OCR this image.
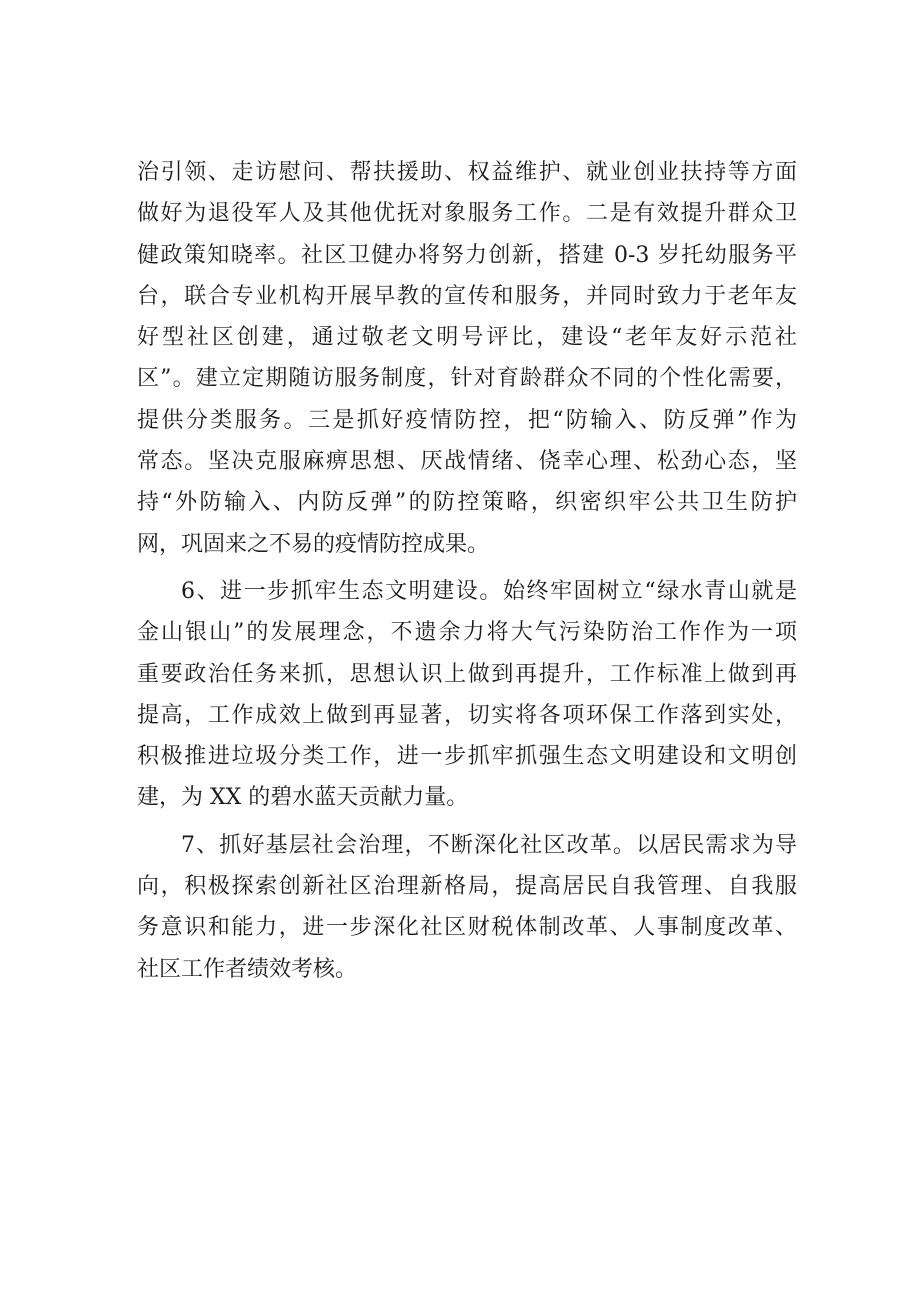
治引领、走访慰问、帮扶援助、权益维护、就业创业扶持等方面
做好为退役军人及其他优抚对象服务工作。二是有效提升群众卫
健政策知晓率。社区卫健办将努力创新，搭建 0-3 岁托幼服务平
台，联合专业机构开展早教的宣传和服务，并同时致力于老年友
好型社区创建，通过敬老文明号评比，建设“老年友好示范社
区”。建立定期随访服务制度，针对育龄群众不同的个性化需要，
提供分类服务。三是抓好疫情防控，把“防输入、防反弹”作为
常态。坚决克服麻痹思想、厌战情绪、侥幸心理、松劲心态，坚
持“外防输入、内防反弹”的防控策略，织密织牢公共卫生防护
网，巩固来之不易的疫情防控成果。
6、进一步抓牢生态文明建设。始终牢固树立“绿水青山就是
金山银山”的发展理念，不遗余力将大气污染防治工作作为一项
重要政治任务来抓，思想认识上做到再提升，工作标准上做到再
提高，工作成效上做到再显著，切实将各项环保工作落到实处，
积极推进垃圾分类工作，进一步抓牢抓强生态文明建设和文明创
建，为 XX 的碧水蓝天贡献力量。
7、抓好基层社会治理，不断深化社区改革。以居民需求为导
向，积极探索创新社区治理新格局，提高居民自我管理、自我服
务意识和能力，进一步深化社区财税体制改革、人事制度改革、
社区工作者绩效考核。
